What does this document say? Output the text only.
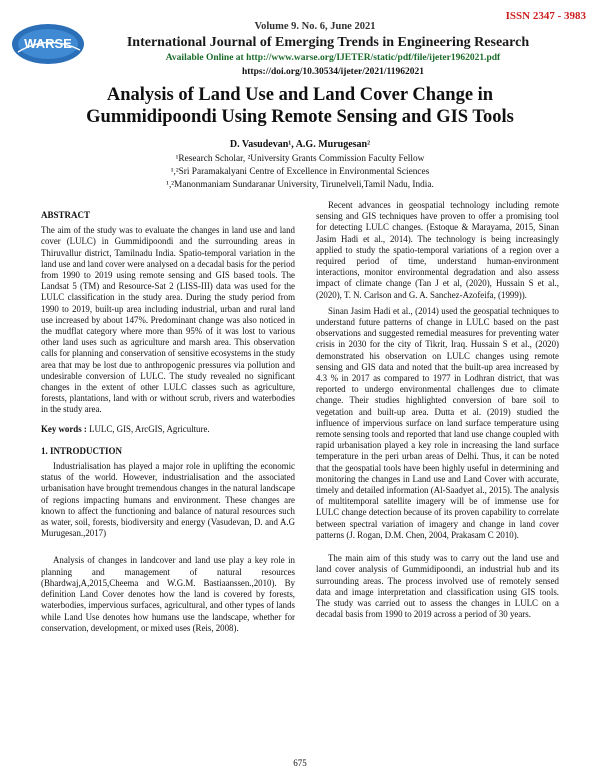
ISSN 2347 - 3983
WARSE
Volume 9. No. 6, June 2021
International Journal of Emerging Trends in Engineering Research
Available Online at http://www.warse.org/IJETER/static/pdf/file/ijeter1962021.pdf
https://doi.org/10.30534/ijeter/2021/11962021
Analysis of Land Use and Land Cover Change in Gummidipoondi Using Remote Sensing and GIS Tools
D. Vasudevan¹, A.G. Murugesan²
¹Research Scholar, ²University Grants Commission Faculty Fellow
¹,²Sri Paramakalyani Centre of Excellence in Environmental Sciences
¹,²Manonmaniam Sundaranar University, Tirunelveli,Tamil Nadu, India.

ABSTRACT

The aim of the study was to evaluate the changes in land use and land cover (LULC) in Gummidipoondi and the surrounding areas in Thiruvallur district, Tamilnadu India. Spatio-temporal variation in the land use and land cover were analysed on a decadal basis for the period from 1990 to 2019 using remote sensing and GIS based tools. The Landsat 5 (TM) and Resource-Sat 2 (LISS-III) data was used for the LULC classification in the study area. During the study period from 1990 to 2019, built-up area including industrial, urban and rural land use increased by about 147%. Predominant change was also noticed in the mudflat category where more than 95% of it was lost to various other land uses such as agriculture and marsh area. This observation calls for planning and conservation of sensitive ecosystems in the study area that may be lost due to anthropogenic pressures via pollution and undesirable conversion of LULC. The study revealed no significant changes in the extent of other LULC classes such as agriculture, forests, plantations, land with or without scrub, rivers and waterbodies in the study area.

Key words : LULC, GIS, ArcGIS, Agriculture.

1. INTRODUCTION

Industrialisation has played a major role in uplifting the economic status of the world. However, industrialisation and the associated urbanisation have brought tremendous changes in the natural landscape of regions impacting humans and environment. These changes are known to affect the functioning and balance of natural resources such as water, soil, forests, biodiversity and energy (Vasudevan, D. and A.G Murugesan.,2017)

Analysis of changes in landcover and land use play a key role in planning and management of natural resources (Bhardwaj,A,2015,Cheema and W.G.M. Bastiaanssen.,2010). By definition Land Cover denotes how the land is covered by forests, waterbodies, impervious surfaces, agricultural, and other types of lands while Land Use denotes how humans use the landscape, whether for conservation, development, or mixed uses (Reis, 2008).

Recent advances in geospatial technology including remote sensing and GIS techniques have proven to offer a promising tool for detecting LULC changes. (Estoque & Marayama, 2015, Sinan Jasim Hadi et al., 2014). The technology is being increasingly applied to study the spatio-temporal variations of a region over a required period of time, understand human-environment interactions, monitor environmental degradation and also assess impact of climate change (Tan J et al, (2020), Hussain S et al., (2020), T. N. Carlson and G. A. Sanchez-Azofeifa, (1999)).

Sinan Jasim Hadi et al., (2014) used the geospatial techniques to understand future patterns of change in LULC based on the past observations and suggested remedial measures for preventing water crisis in 2030 for the city of Tikrit, Iraq. Hussain S et al., (2020) demonstrated his observation on LULC changes using remote sensing and GIS data and noted that the built-up area increased by 4.3 % in 2017 as compared to 1977 in Lodhran district, that was reported to undergo environmental challenges due to climate change. Their studies highlighted conversion of bare soil to vegetation and built-up area. Dutta et al. (2019) studied the influence of impervious surface on land surface temperature using remote sensing tools and reported that land use change coupled with rapid urbanisation played a key role in increasing the land surface temperature in the peri urban areas of Delhi. Thus, it can be noted that the geospatial tools have been highly useful in determining and monitoring the changes in Land use and Land Cover with accurate, timely and detailed information (Al-Saadyet al., 2015). The analysis of multitemporal satellite imagery will be of immense use for LULC change detection because of its proven capability to correlate between spectral variation of imagery and change in land cover patterns (J. Rogan, D.M. Chen, 2004, Prakasam C 2010).

The main aim of this study was to carry out the land use and land cover analysis of Gummidipoondi, an industrial hub and its surrounding areas. The process involved use of remotely sensed data and image interpretation and classification using GIS tools. The study was carried out to assess the changes in LULC on a decadal basis from 1990 to 2019 across a period of 30 years.

675
